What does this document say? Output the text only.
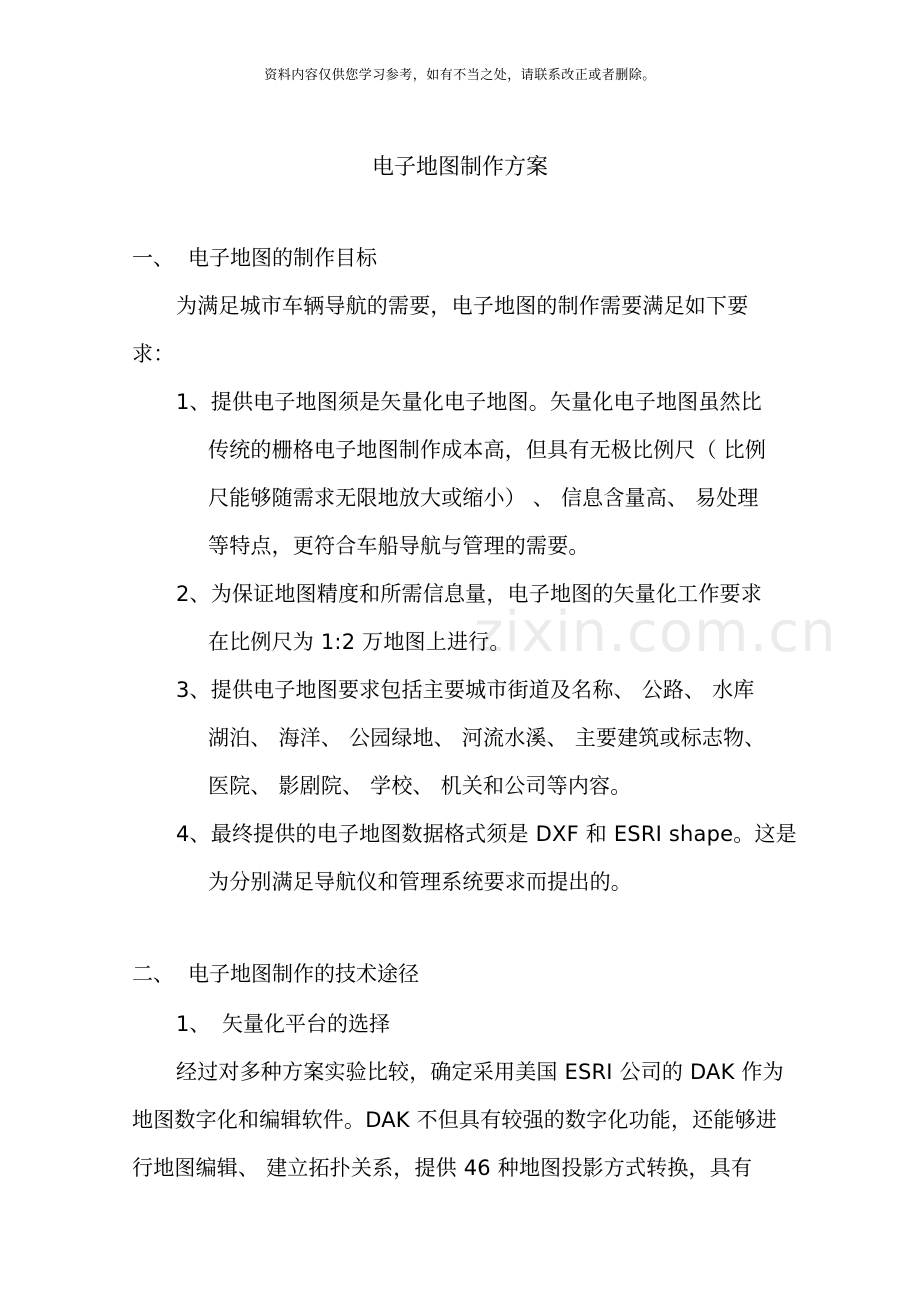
资料内容仅供您学习参考，如有不当之处，请联系改正或者删除。
电子地图制作方案
一、 电子地图的制作目标
为满足城市车辆导航的需要，电子地图的制作需要满足如下要
求：
1、提供电子地图须是矢量化电子地图。矢量化电子地图虽然比
传统的栅格电子地图制作成本高，但具有无极比例尺（ 比例
尺能够随需求无限地放大或缩小） 、 信息含量高、 易处理
等特点，更符合车船导航与管理的需要。
2、为保证地图精度和所需信息量，电子地图的矢量化工作要求
在比例尺为 1:2 万地图上进行。
3、提供电子地图要求包括主要城市街道及名称、 公路、 水库
湖泊、 海洋、 公园绿地、 河流水溪、 主要建筑或标志物、
医院、 影剧院、 学校、 机关和公司等内容。
4、最终提供的电子地图数据格式须是 DXF 和 ESRI shape。这是
为分别满足导航仪和管理系统要求而提出的。
二、 电子地图制作的技术途径
1、 矢量化平台的选择
经过对多种方案实验比较，确定采用美国 ESRI 公司的 DAK 作为
地图数字化和编辑软件。DAK 不但具有较强的数字化功能，还能够进
行地图编辑、 建立拓扑关系，提供 46 种地图投影方式转换，具有
zixin.com.cn
